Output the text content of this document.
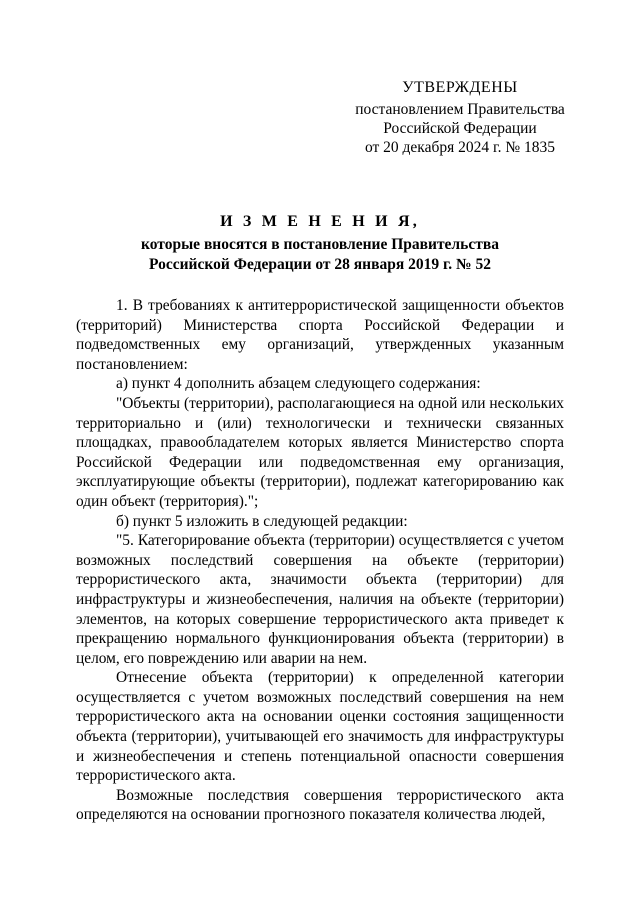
УТВЕРЖДЕНЫ
постановлением Правительства
Российской Федерации
от 20 декабря 2024 г. № 1835
И З М Е Н Е Н И Я,
которые вносятся в постановление Правительства
Российской Федерации от 28 января 2019 г. № 52

1. В требованиях к антитеррористической защищенности объектов (территорий) Министерства спорта Российской Федерации и подведомственных ему организаций, утвержденных указанным постановлением:

а) пункт 4 дополнить абзацем следующего содержания:

"Объекты (территории), располагающиеся на одной или нескольких территориально и (или) технологически и технически связанных площадках, правообладателем которых является Министерство спорта Российской Федерации или подведомственная ему организация, эксплуатирующие объекты (территории), подлежат категорированию как один объект (территория).";

б) пункт 5 изложить в следующей редакции:

"5. Категорирование объекта (территории) осуществляется с учетом возможных последствий совершения на объекте (территории) террористического акта, значимости объекта (территории) для инфраструктуры и жизнеобеспечения, наличия на объекте (территории) элементов, на которых совершение террористического акта приведет к прекращению нормального функционирования объекта (территории) в целом, его повреждению или аварии на нем.

Отнесение объекта (территории) к определенной категории осуществляется с учетом возможных последствий совершения на нем террористического акта на основании оценки состояния защищенности объекта (территории), учитывающей его значимость для инфраструктуры и жизнеобеспечения и степень потенциальной опасности совершения террористического акта.

Возможные последствия совершения террористического акта определяются на основании прогнозного показателя количества людей,
